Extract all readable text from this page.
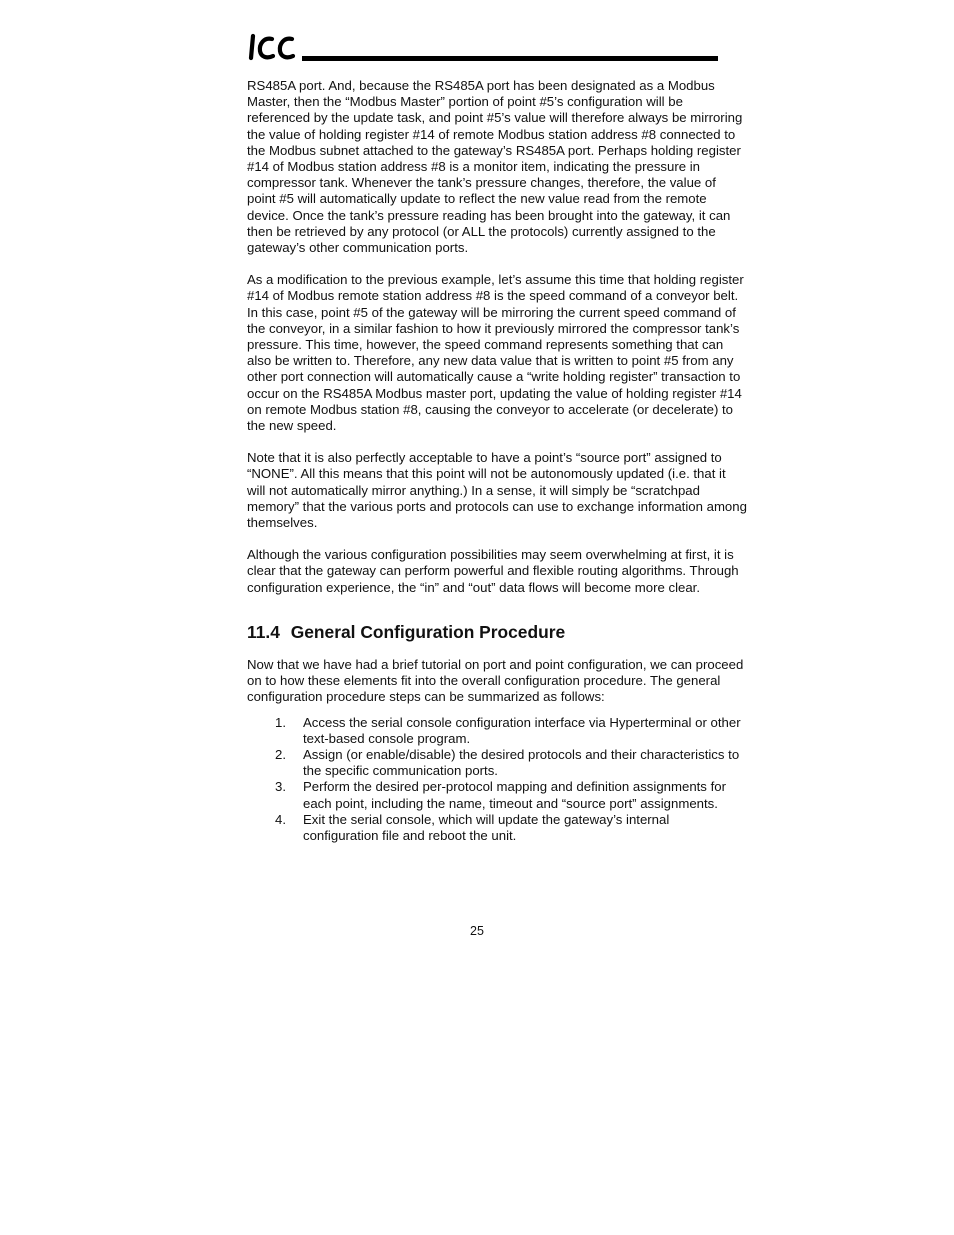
RS485A port. And, because the RS485A port has been designated as a Modbus Master, then the “Modbus Master” portion of point #5’s configuration will be referenced by the update task, and point #5’s value will therefore always be mirroring the value of holding register #14 of remote Modbus station address #8 connected to the Modbus subnet attached to the gateway’s RS485A port. Perhaps holding register #14 of Modbus station address #8 is a monitor item, indicating the pressure in compressor tank. Whenever the tank’s pressure changes, therefore, the value of point #5 will automatically update to reflect the new value read from the remote device. Once the tank’s pressure reading has been brought into the gateway, it can then be retrieved by any protocol (or ALL the protocols) currently assigned to the gateway’s other communication ports.

As a modification to the previous example, let’s assume this time that holding register #14 of Modbus remote station address #8 is the speed command of a conveyor belt. In this case, point #5 of the gateway will be mirroring the current speed command of the conveyor, in a similar fashion to how it previously mirrored the compressor tank’s pressure. This time, however, the speed command represents something that can also be written to. Therefore, any new data value that is written to point #5 from any other port connection will automatically cause a “write holding register” transaction to occur on the RS485A Modbus master port, updating the value of holding register #14 on remote Modbus station #8, causing the conveyor to accelerate (or decelerate) to the new speed.

Note that it is also perfectly acceptable to have a point’s “source port” assigned to “NONE”. All this means that this point will not be autonomously updated (i.e. that it will not automatically mirror anything.) In a sense, it will simply be “scratchpad memory” that the various ports and protocols can use to exchange information among themselves.

Although the various configuration possibilities may seem overwhelming at first, it is clear that the gateway can perform powerful and flexible routing algorithms. Through configuration experience, the “in” and “out” data flows will become more clear.

11.4 General Configuration Procedure

Now that we have had a brief tutorial on port and point configuration, we can proceed on to how these elements fit into the overall configuration procedure. The general configuration procedure steps can be summarized as follows:

1. Access the serial console configuration interface via Hyperterminal or other text-based console program.
2. Assign (or enable/disable) the desired protocols and their characteristics to the specific communication ports.
3. Perform the desired per-protocol mapping and definition assignments for each point, including the name, timeout and “source port” assignments.
4. Exit the serial console, which will update the gateway’s internal configuration file and reboot the unit.
25
